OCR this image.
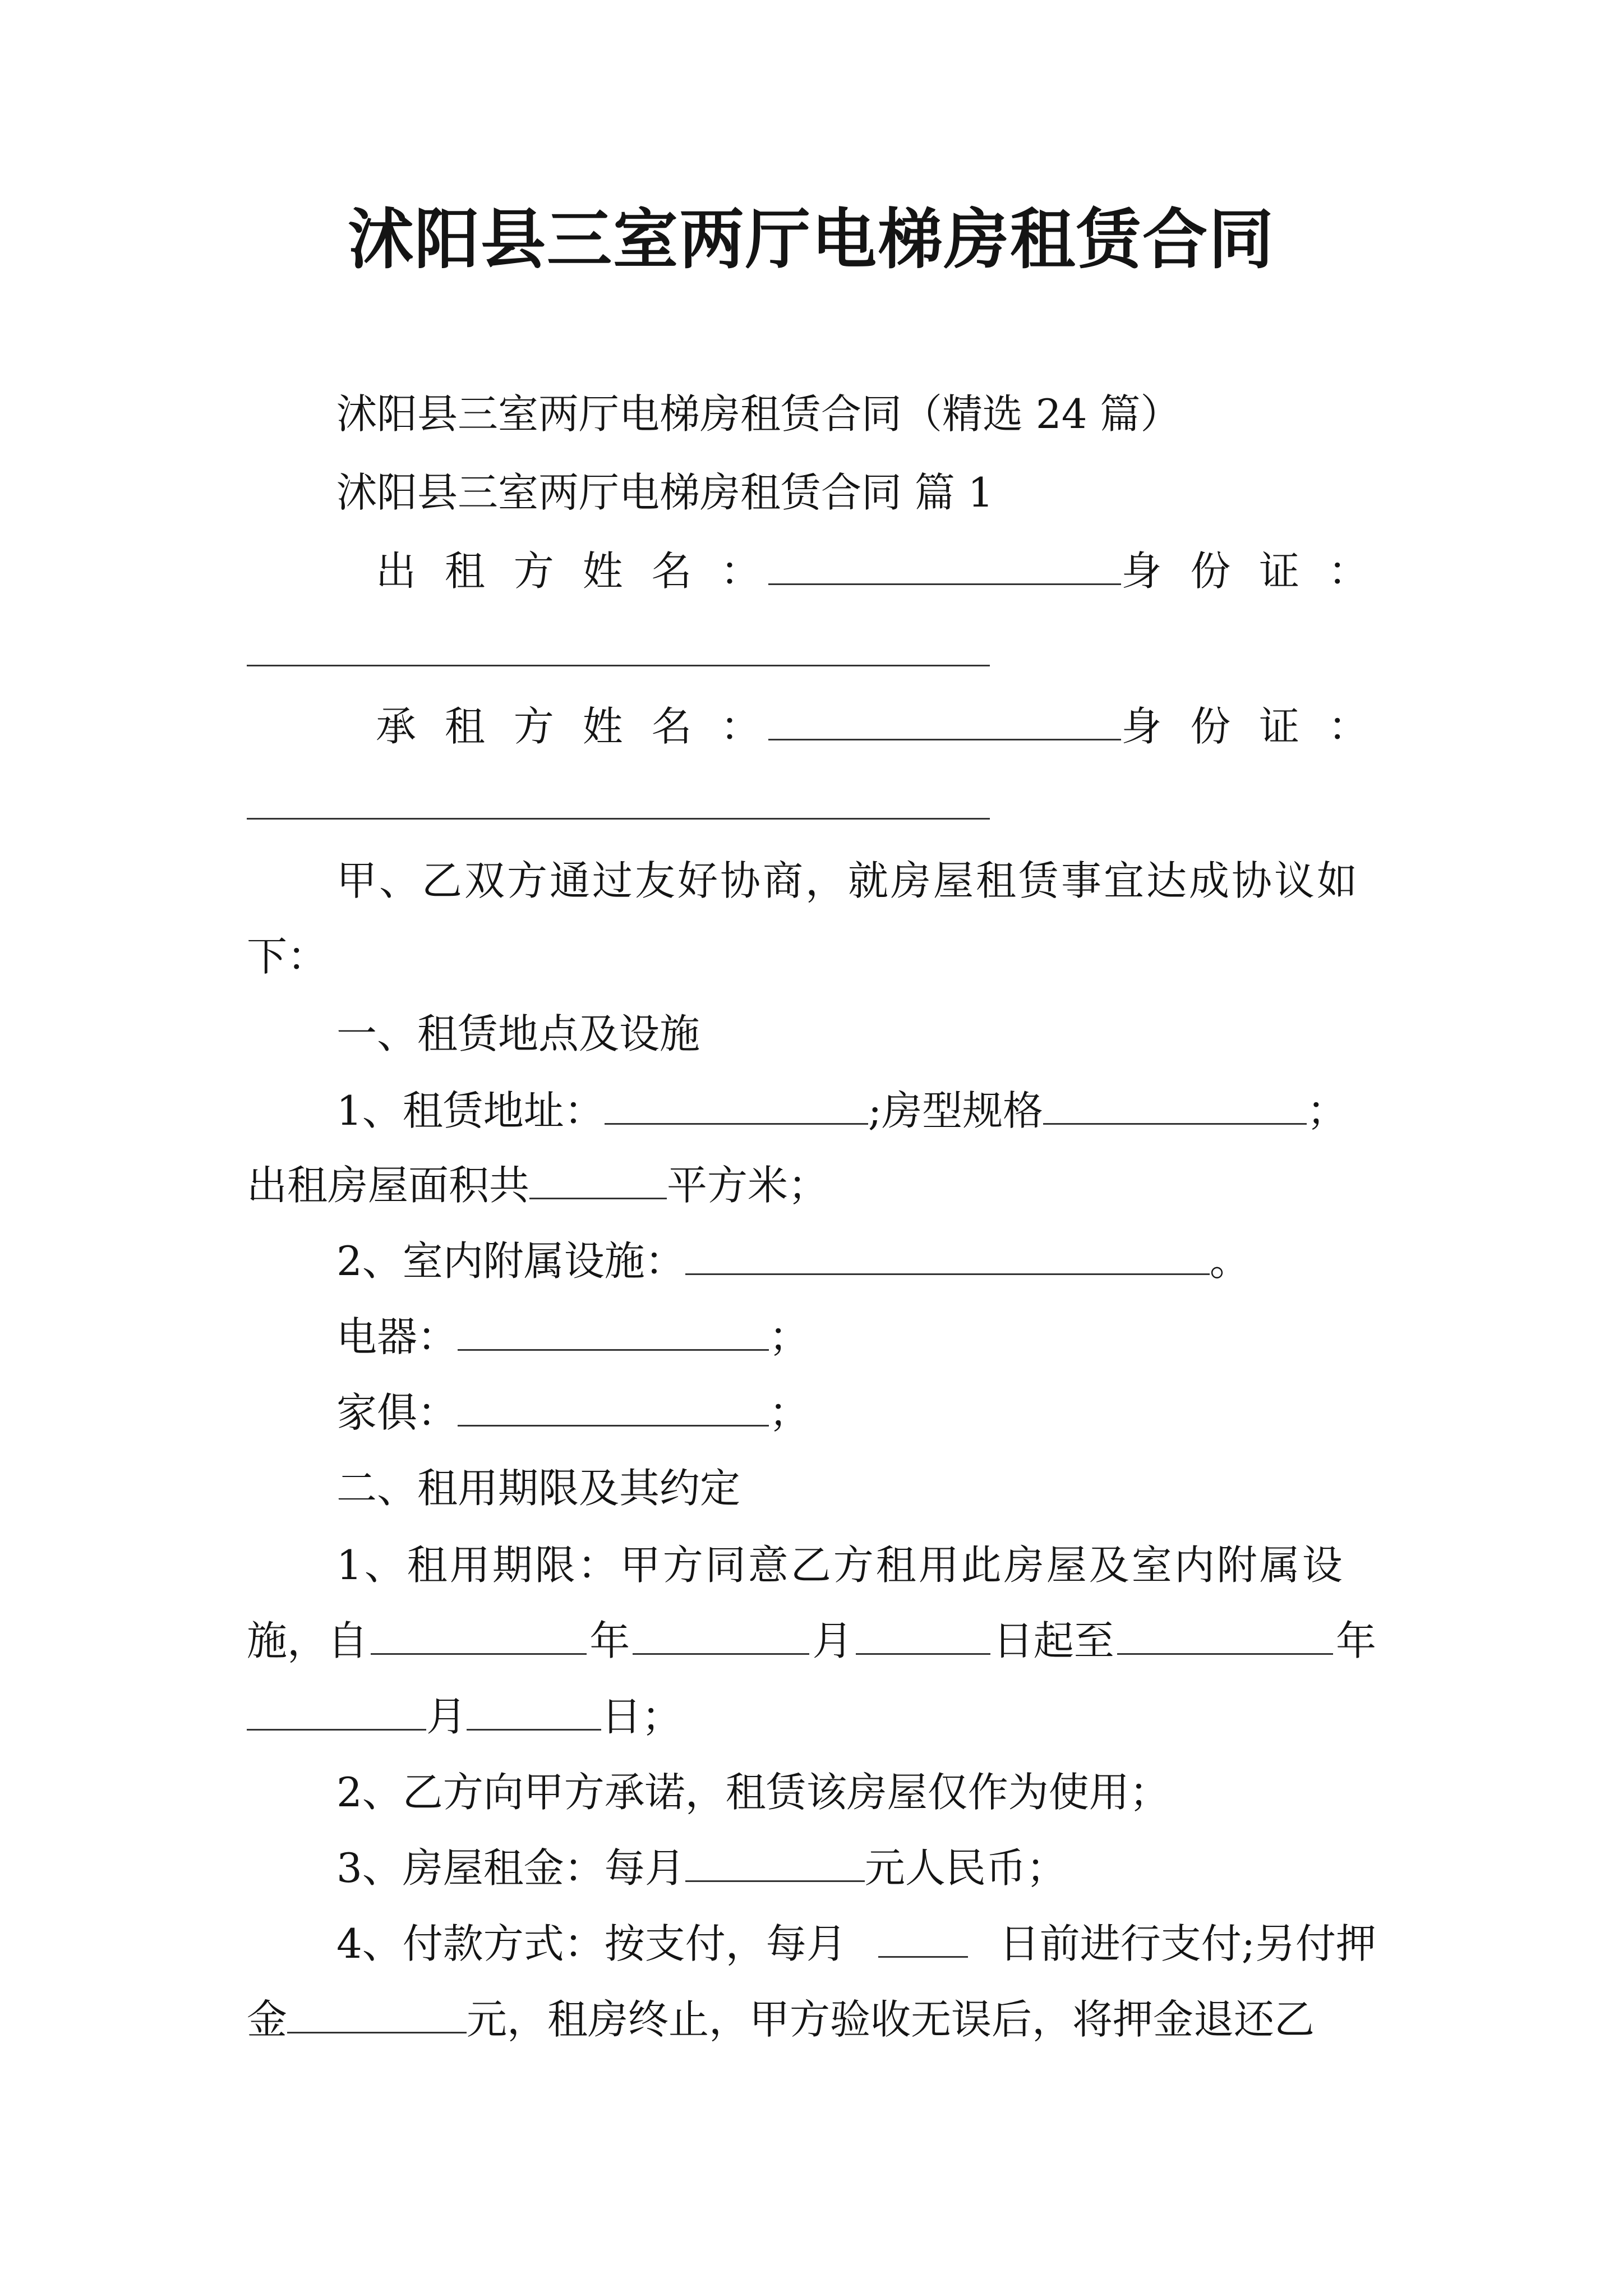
沭阳县三室两厅电梯房租赁合同
沭阳县三室两厅电梯房租赁合同（精选 24 篇）
沭阳县三室两厅电梯房租赁合同 篇 1
出 租 方 姓 名 ：	身 份 证 ：
承 租 方 姓 名 ：	身 份 证 ：
甲、乙双方通过友好协商，就房屋租赁事宜达成协议如
下：
一、租赁地点及设施
1、租赁地址：	;房型规格	；
出租房屋面积共	平方米；
2、室内附属设施：	。
电器：	；
家俱：	；
二、租用期限及其约定
1、租用期限：甲方同意乙方租用此房屋及室内附属设
施，自	年	月	日起至	年
月	日；
2、乙方向甲方承诺，租赁该房屋仅作为使用；
3、房屋租金：每月	元人民币；
4、付款方式：按支付，每月	日前进行支付;另付押
金	元，租房终止，甲方验收无误后，将押金退还乙
